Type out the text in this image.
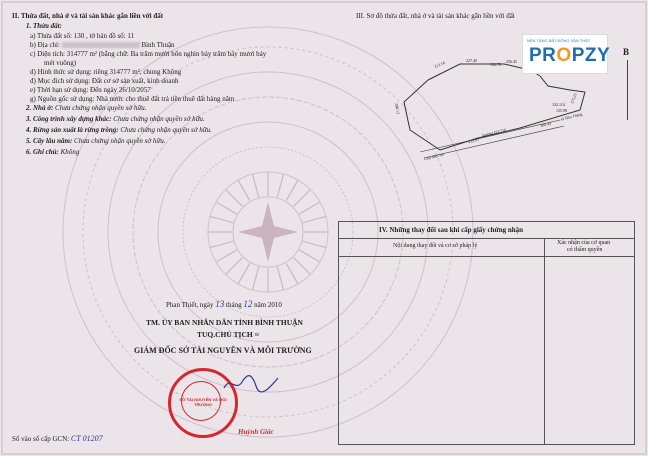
II. Thửa đất, nhà ở và tài sản khác gắn liền với đất
1. Thửa đất:
a) Thửa đất số: 130 , tờ bản đồ số: 11
b) Địa chỉ:	Bình Thuận
c) Diện tích: 314777 m² (bằng chữ: Ba trăm mười bốn nghìn bảy trăm bảy mươi bảy
mét vuông)
d) Hình thức sử dụng: riêng 314777 m², chung Không
đ) Mục đích sử dụng: Đất cơ sở sản xuất, kinh doanh
e) Thời hạn sử dụng: Đến ngày 26/10/2057
g) Nguồn gốc sử dụng: Nhà nước cho thuê đất trả tiền thuê đất hàng năm
2. Nhà ở: Chưa chứng nhận quyền sở hữu.
3. Công trình xây dựng khác: Chưa chứng nhận quyền sở hữu.
4. Rừng sản xuất là rừng trồng: Chưa chứng nhận quyền sở hữu.
5. Cây lâu năm: Chưa chứng nhận quyền sở hữu.
6. Ghi chú: Không
III. Sơ đồ thửa đất, nhà ở và tài sản khác gắn liền với đất
B
Đường ĐT 716
Chợ Mũi Né
xã Hòa Thắng
213.14	227.40	256.45
192.78
415.01
306.43
132.114
125.98
175.25
288.13
NỀN TẢNG BẤT ĐỘNG SẢN THẬT
PROPZY
Phan Thiết, ngày 13 tháng 12 năm 2010
TM. ỦY BAN NHÂN DÂN TỈNH BÌNH THUẬN
TUQ.CHỦ TỊCH ≈
GIÁM ĐỐC SỞ TÀI NGUYÊN VÀ MÔI TRƯỜNG
SỞ TÀI NGUYÊN VÀ MÔI TRƯỜNG
Huỳnh Giác
Số vào sổ cấp GCN: CT 01207
IV. Những thay đổi sau khi cấp giấy chứng nhận
Nội dung thay đổi và cơ sở pháp lý	Xác nhận của cơ quan
có thẩm quyền
